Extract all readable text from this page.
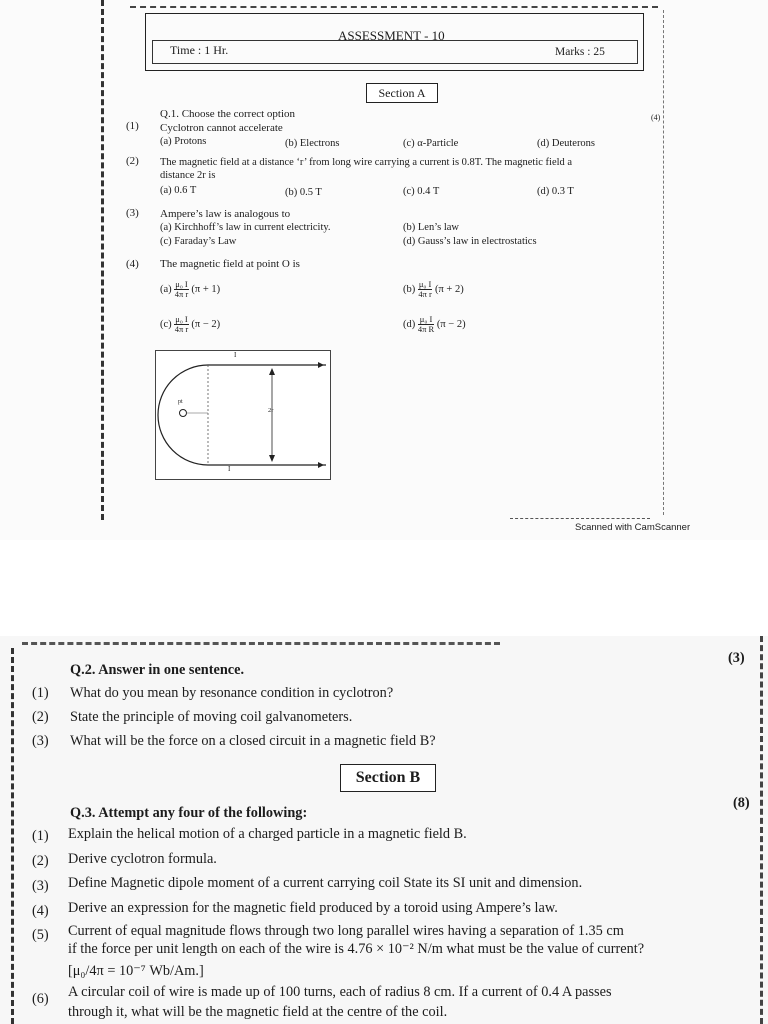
ASSESSMENT - 10
Time : 1 Hr.	Marks : 25
Section A
Q.1. Choose the correct option	(4)
(1) Cyclotron cannot accelerate
(a) Protons	(b) Electrons	(c) α-Particle	(d) Deuterons
(2) The magnetic field at a distance ‘r’ from long wire carrying a current is 0.8T. The magnetic field a
distance 2r is
(a) 0.6 T	(b) 0.5 T	(c) 0.4 T	(d) 0.3 T
(3) Ampere’s law is analogous to
(a) Kirchhoff’s law in current electricity.	(b) Len’s law
(c) Faraday’s Law	(d) Gauss’s law in electrostatics
(4) The magnetic field at point O is
$(a) \frac{\text{μ₀ I}}{\text{4π r}} (\pi + 1)$	$(b) \frac{\text{μ₀ I}}{\text{4π r}} (\pi + 2)$
$(c) \frac{\text{μ₀ I}}{\text{4π r}} (\pi - 2)$	$(d) \frac{\text{μ₀ I}}{\text{4π R}} (\pi - 2)$
I
I
pt
2r
Scanned with CamScanner
Q.2. Answer in one sentence.
(3)
(1) What do you mean by resonance condition in cyclotron?
(2) State the principle of moving coil galvanometers.
(3) What will be the force on a closed circuit in a magnetic field B?
Section B
Q.3. Attempt any four of the following:
(8)
(1) Explain the helical motion of a charged particle in a magnetic field B.
(2) Derive cyclotron formula.
(3) Define Magnetic dipole moment of a current carrying coil State its SI unit and dimension.
(4) Derive an expression for the magnetic field produced by a toroid using Ampere’s law.
(5) Current of equal magnitude flows through two long parallel wires having a separation of 1.35 cm
if the force per unit length on each of the wire is 4.76 × 10⁻² N/m what must be the value of current?
[μ₀/4π = 10⁻⁷ Wb/Am.]
(6) A circular coil of wire is made up of 100 turns, each of radius 8 cm. If a current of 0.4 A passes
through it, what will be the magnetic field at the centre of the coil.
